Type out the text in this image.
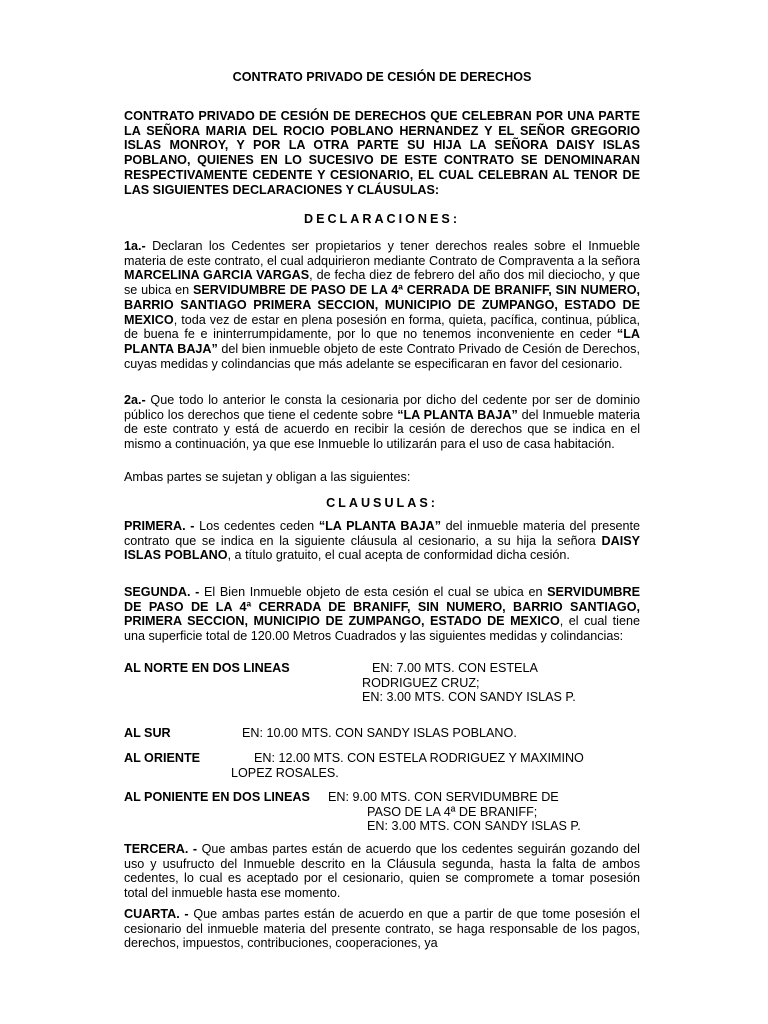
CONTRATO PRIVADO DE CESIÓN DE DERECHOS
CONTRATO PRIVADO DE CESIÓN DE DERECHOS QUE CELEBRAN POR UNA PARTE LA SEÑORA MARIA DEL ROCIO POBLANO HERNANDEZ Y EL SEÑOR GREGORIO ISLAS MONROY, Y POR LA OTRA PARTE SU HIJA LA SEÑORA DAISY ISLAS POBLANO, QUIENES EN LO SUCESIVO DE ESTE CONTRATO SE DENOMINARAN RESPECTIVAMENTE CEDENTE Y CESIONARIO, EL CUAL CELEBRAN AL TENOR DE LAS SIGUIENTES DECLARACIONES Y CLÁUSULAS:
DECLARACIONES:
1a.- Declaran los Cedentes ser propietarios y tener derechos reales sobre el Inmueble materia de este contrato, el cual adquirieron mediante Contrato de Compraventa a la señora MARCELINA GARCIA VARGAS, de fecha diez de febrero del año dos mil dieciocho, y que se ubica en SERVIDUMBRE DE PASO DE LA 4ª CERRADA DE BRANIFF, SIN NUMERO, BARRIO SANTIAGO PRIMERA SECCION, MUNICIPIO DE ZUMPANGO, ESTADO DE MEXICO, toda vez de estar en plena posesión en forma, quieta, pacífica, continua, pública, de buena fe e ininterrumpidamente, por lo que no tenemos inconveniente en ceder “LA PLANTA BAJA” del bien inmueble objeto de este Contrato Privado de Cesión de Derechos, cuyas medidas y colindancias que más adelante se especificaran en favor del cesionario.
2a.- Que todo lo anterior le consta la cesionaria por dicho del cedente por ser de dominio público los derechos que tiene el cedente sobre “LA PLANTA BAJA” del Inmueble materia de este contrato y está de acuerdo en recibir la cesión de derechos que se indica en el mismo a continuación, ya que ese Inmueble lo utilizarán para el uso de casa habitación.
Ambas partes se sujetan y obligan a las siguientes:
CLAUSULAS:
PRIMERA. - Los cedentes ceden “LA PLANTA BAJA” del inmueble materia del presente contrato que se indica en la siguiente cláusula al cesionario, a su hija la señora DAISY ISLAS POBLANO, a título gratuito, el cual acepta de conformidad dicha cesión.
SEGUNDA. - El Bien Inmueble objeto de esta cesión el cual se ubica en SERVIDUMBRE DE PASO DE LA 4ª CERRADA DE BRANIFF, SIN NUMERO, BARRIO SANTIAGO, PRIMERA SECCION, MUNICIPIO DE ZUMPANGO, ESTADO DE MEXICO, el cual tiene una superficie total de 120.00 Metros Cuadrados y las siguientes medidas y colindancias:
AL NORTE EN DOS LINEAS	EN: 7.00 MTS. CON ESTELA
RODRIGUEZ CRUZ;
EN: 3.00 MTS. CON SANDY ISLAS P.
AL SUR	EN: 10.00 MTS. CON SANDY ISLAS POBLANO.
AL ORIENTE	EN: 12.00 MTS. CON ESTELA RODRIGUEZ Y MAXIMINO
LOPEZ ROSALES.
AL PONIENTE EN DOS LINEAS EN: 9.00 MTS. CON SERVIDUMBRE DE
PASO DE LA 4ª DE BRANIFF;
EN: 3.00 MTS. CON SANDY ISLAS P.
TERCERA. - Que ambas partes están de acuerdo que los cedentes seguirán gozando del uso y usufructo del Inmueble descrito en la Cláusula segunda, hasta la falta de ambos cedentes, lo cual es aceptado por el cesionario, quien se compromete a tomar posesión total del inmueble hasta ese momento.
CUARTA. - Que ambas partes están de acuerdo en que a partir de que tome posesión el cesionario del inmueble materia del presente contrato, se haga responsable de los pagos, derechos, impuestos, contribuciones, cooperaciones, ya
